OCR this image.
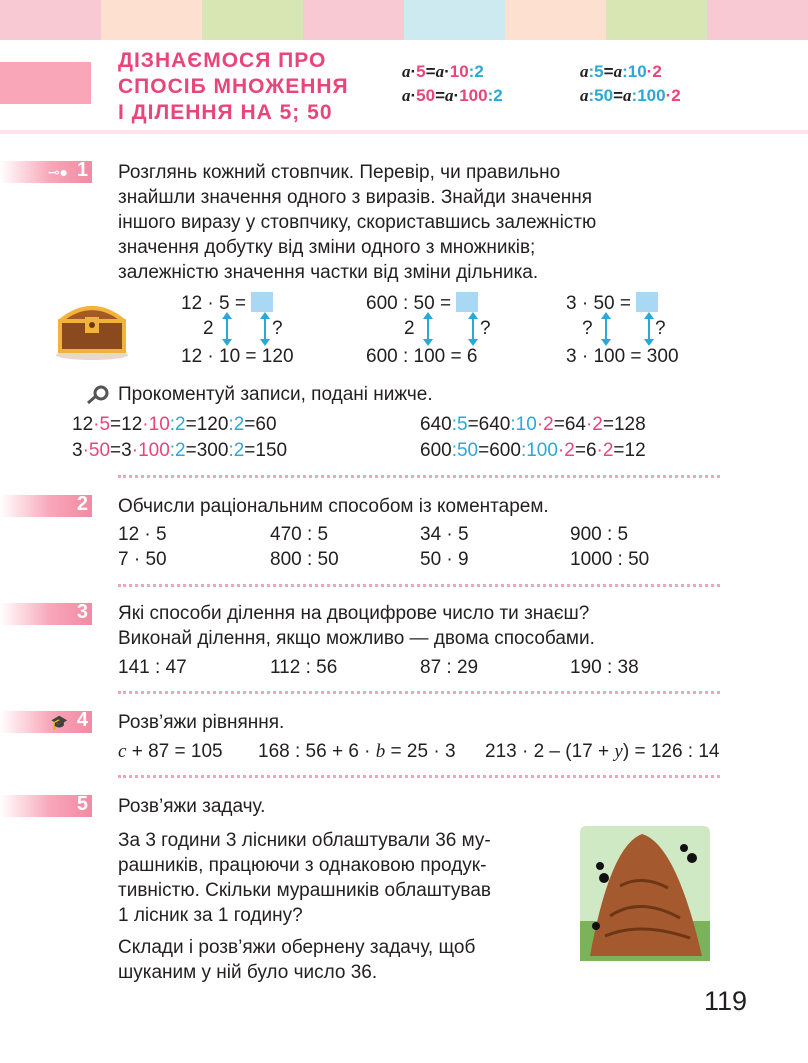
ДІЗНАЄМОСЯ ПРО
СПОСІБ МНОЖЕННЯ
І ДІЛЕННЯ НА 5; 50
a·5=a·10:2	a:5=a:10·2
a·50=a·100:2	a:50=a:100·2
⊸● 1 Розглянь кожний стовпчик. Перевір, чи правильно
знайшли значення одного з виразів. Знайди значення
іншого виразу у стовпчику, скориставшись залежністю
значення добутку від зміни одного з множників;
залежністю значення частки від зміни дільника.
12 · 5 =
2	?
12 · 10 = 120
600 : 50 =
2	?
600 : 100 = 6
3 · 50 =
?	?
3 · 100 = 300
Прокоментуй записи, подані нижче.
12·5=12·10:2=120:2=60	640:5=640:10·2=64·2=128
3·50=3·100:2=300:2=150	600:50=600:100·2=6·2=12
2 Обчисли раціональним способом із коментарем.
12 · 5	470 : 5	34 · 5	900 : 5
7 · 50	800 : 50	50 · 9	1000 : 50
3 Які способи ділення на двоцифрове число ти знаєш?
Виконай ділення, якщо можливо — двома способами.
141 : 47	112 : 56	87 : 29	190 : 38
🎓 4 Розв’яжи рівняння.
c + 87 = 105 168 : 56 + 6 · b = 25 · 3 213 · 2 – (17 + y) = 126 : 14
5 Розв’яжи задачу.
За 3 години 3 лісники облаштували 36 му-
рашників, працюючи з однаковою продук-
тивністю. Скільки мурашників облаштував
1 лісник за 1 годину?
Склади і розв’яжи обернену задачу, щоб
шуканим у ній було число 36.
119
